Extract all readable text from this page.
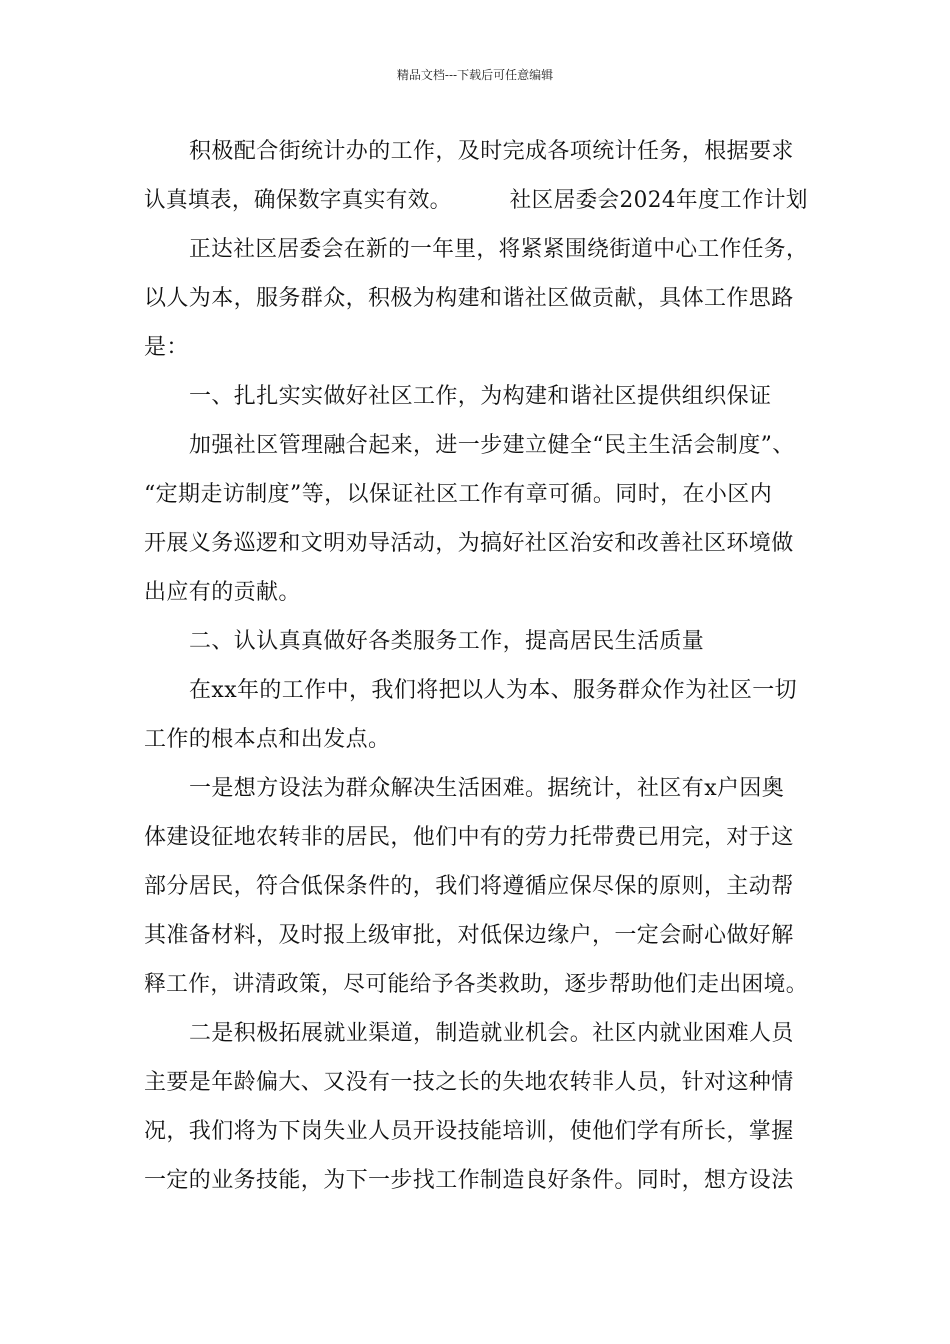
精品文档---下载后可任意编辑
积极配合街统计办的工作，及时完成各项统计任务，根据要求
认真填表，确保数字真实有效。        社区居委会2024年度工作计划
正达社区居委会在新的一年里，将紧紧围绕街道中心工作任务，
以人为本，服务群众，积极为构建和谐社区做贡献，具体工作思路
是：
一、扎扎实实做好社区工作，为构建和谐社区提供组织保证
加强社区管理融合起来，进一步建立健全“民主生活会制度”、
“定期走访制度”等，以保证社区工作有章可循。同时，在小区内
开展义务巡逻和文明劝导活动，为搞好社区治安和改善社区环境做
出应有的贡献。
二、认认真真做好各类服务工作，提高居民生活质量
在xx年的工作中，我们将把以人为本、服务群众作为社区一切
工作的根本点和出发点。
一是想方设法为群众解决生活困难。据统计，社区有x户因奥
体建设征地农转非的居民，他们中有的劳力托带费已用完，对于这
部分居民，符合低保条件的，我们将遵循应保尽保的原则，主动帮
其准备材料，及时报上级审批，对低保边缘户，一定会耐心做好解
释工作，讲清政策，尽可能给予各类救助，逐步帮助他们走出困境。
二是积极拓展就业渠道，制造就业机会。社区内就业困难人员
主要是年龄偏大、又没有一技之长的失地农转非人员，针对这种情
况，我们将为下岗失业人员开设技能培训，使他们学有所长，掌握
一定的业务技能，为下一步找工作制造良好条件。同时，想方设法
